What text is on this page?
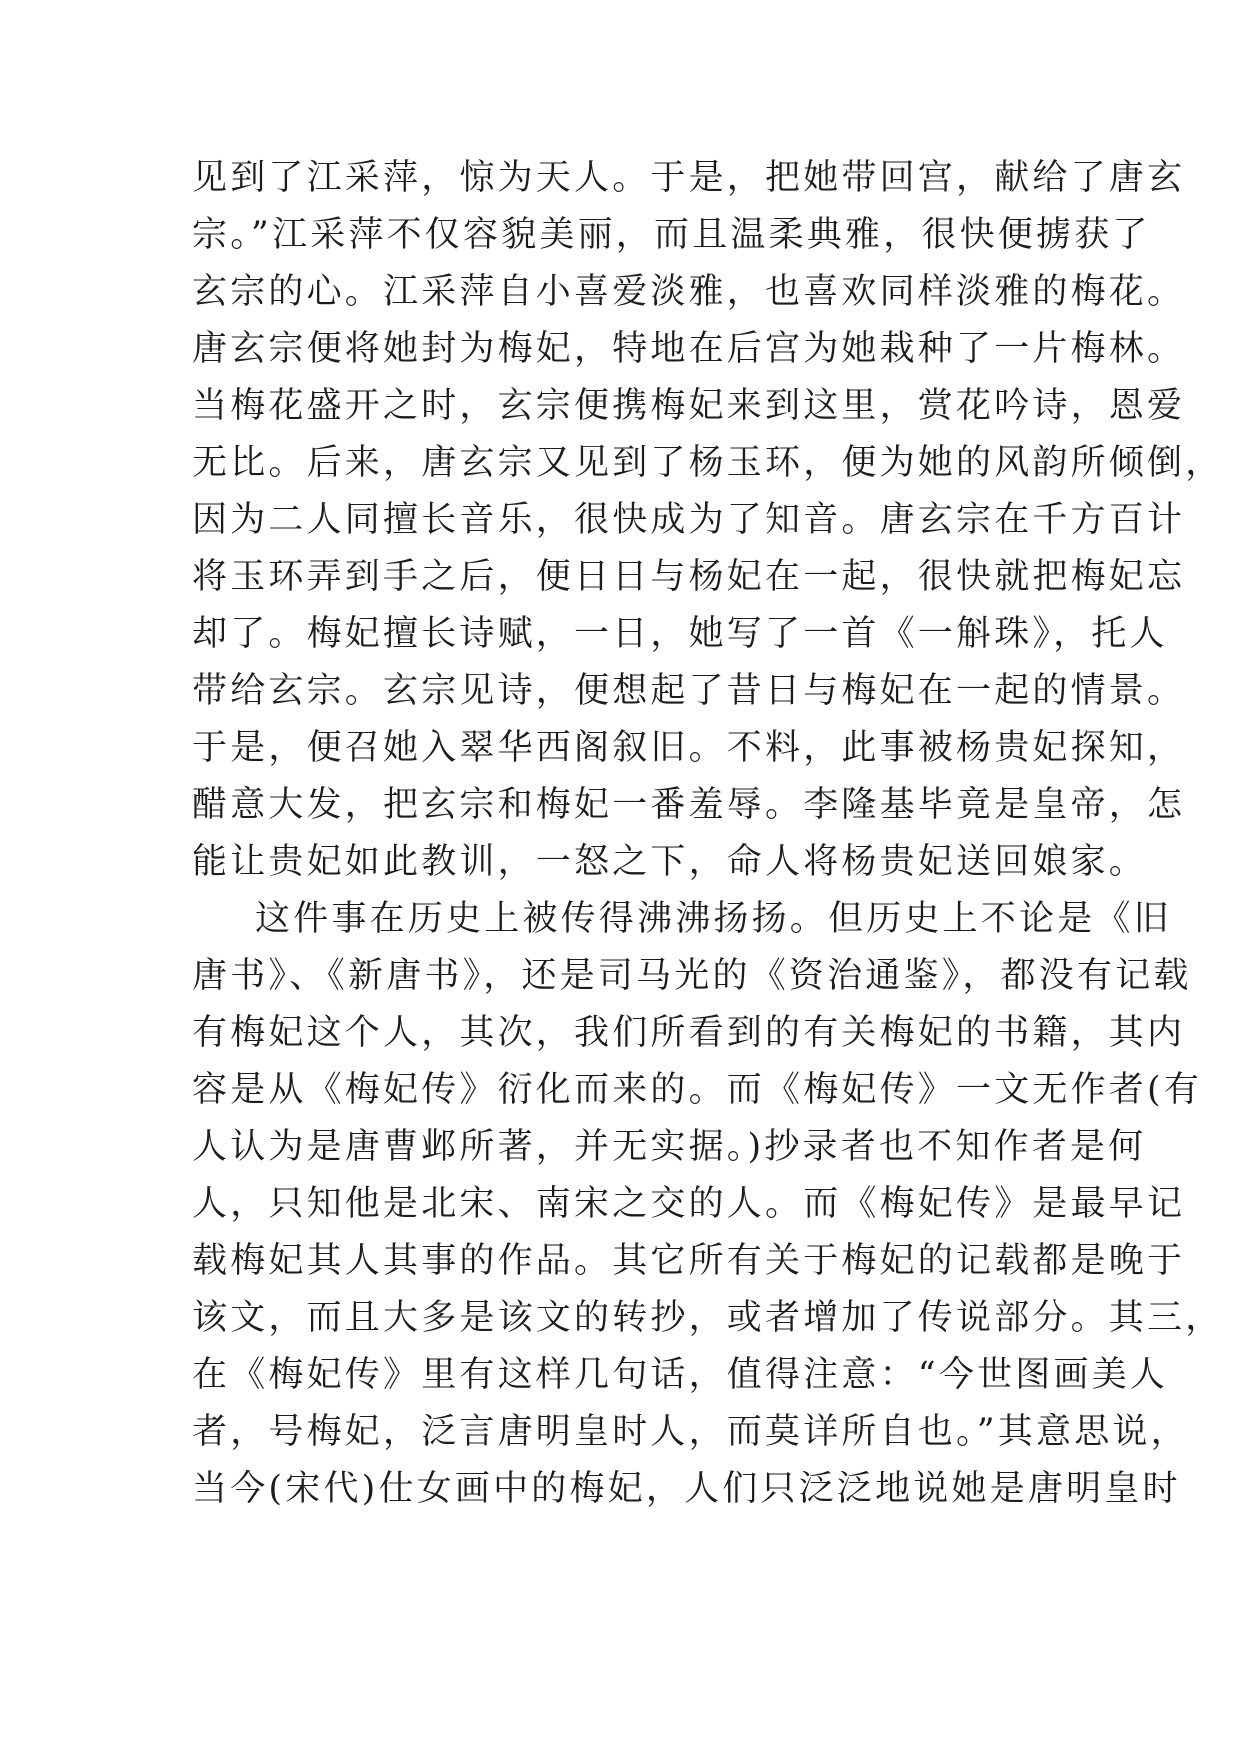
见到了江采萍，惊为天人。于是，把她带回宫，献给了唐玄
宗。”江采萍不仅容貌美丽，而且温柔典雅，很快便掳获了
玄宗的心。江采萍自小喜爱淡雅，也喜欢同样淡雅的梅花。
唐玄宗便将她封为梅妃，特地在后宫为她栽种了一片梅林。
当梅花盛开之时，玄宗便携梅妃来到这里，赏花吟诗，恩爱
无比。后来，唐玄宗又见到了杨玉环，便为她的风韵所倾倒，
因为二人同擅长音乐，很快成为了知音。唐玄宗在千方百计
将玉环弄到手之后，便日日与杨妃在一起，很快就把梅妃忘
却了。梅妃擅长诗赋，一日，她写了一首《一斛珠》，托人
带给玄宗。玄宗见诗，便想起了昔日与梅妃在一起的情景。
于是，便召她入翠华西阁叙旧。不料，此事被杨贵妃探知，
醋意大发，把玄宗和梅妃一番羞辱。李隆基毕竟是皇帝，怎
能让贵妃如此教训，一怒之下，命人将杨贵妃送回娘家。
这件事在历史上被传得沸沸扬扬。但历史上不论是《旧
唐书》、《新唐书》，还是司马光的《资治通鉴》，都没有记载
有梅妃这个人，其次，我们所看到的有关梅妃的书籍，其内
容是从《梅妃传》衍化而来的。而《梅妃传》一文无作者(有
人认为是唐曹邺所著，并无实据。)抄录者也不知作者是何
人，只知他是北宋、南宋之交的人。而《梅妃传》是最早记
载梅妃其人其事的作品。其它所有关于梅妃的记载都是晚于
该文，而且大多是该文的转抄，或者增加了传说部分。其三，
在《梅妃传》里有这样几句话，值得注意：“今世图画美人
者，号梅妃，泛言唐明皇时人，而莫详所自也。”其意思说，
当今(宋代)仕女画中的梅妃，人们只泛泛地说她是唐明皇时
